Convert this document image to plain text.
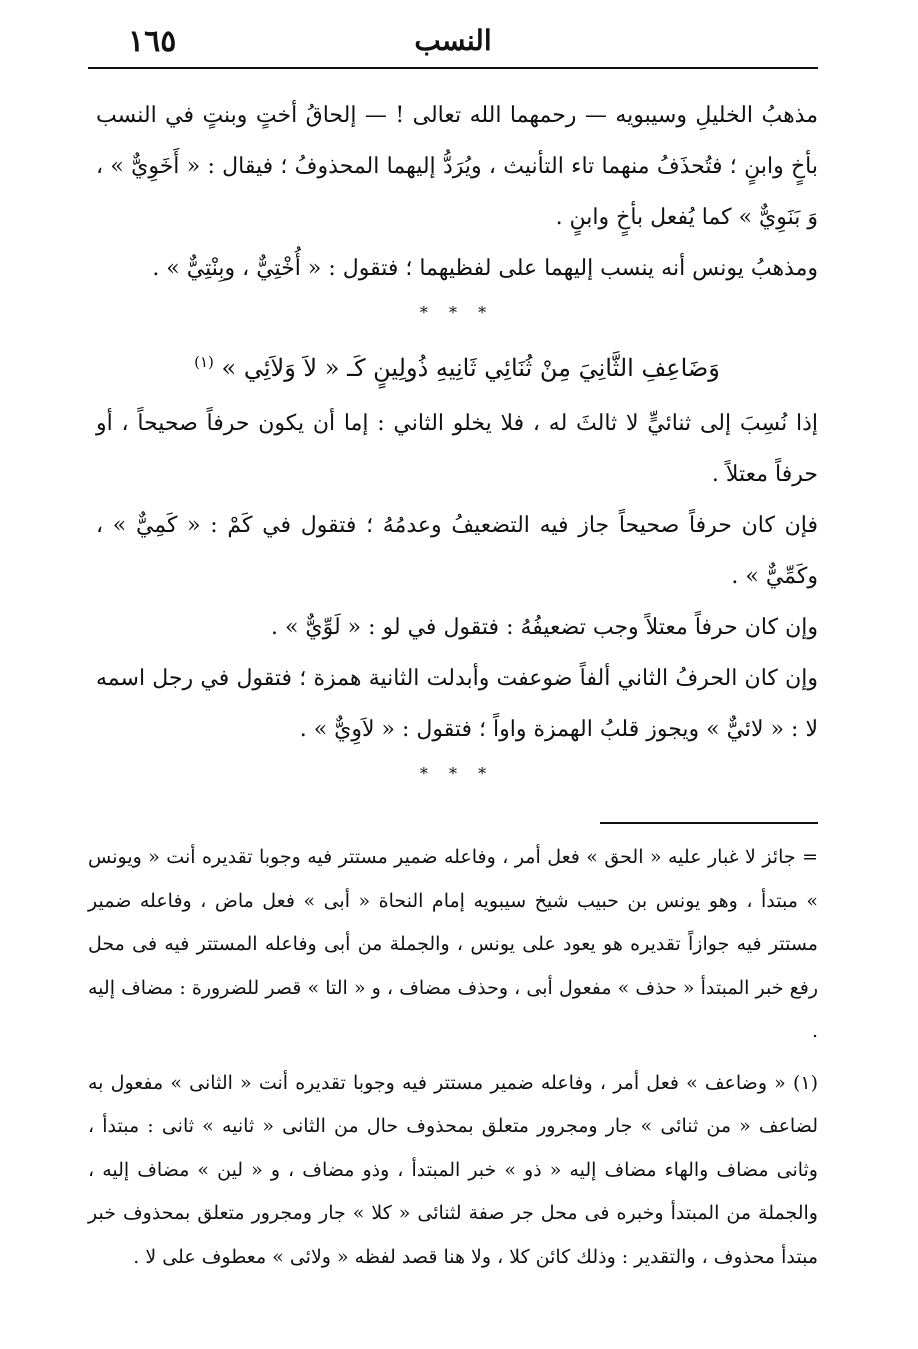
١٦٥	النسب

مذهبُ الخليلِ وسيبويه — رحمهما الله تعالى ! — إلحاقُ أختٍ وبنتٍ في النسب بأخٍ وابنٍ ؛ فتُحذَفُ منهما تاء التأنيث ، ويُرَدُّ إليهما المحذوفُ ؛ فيقال : « أَخَوِيٌّ » ، وَ بَنَوِيٌّ » كما يُفعل بأخٍ وابنٍ .

ومذهبُ يونس أنه ينسب إليهما على لفظيهما ؛ فتقول : « أُخْتِيٌّ ، وبِنْتِيٌّ » .

* * *

وَضَاعِفِ الثَّانِيَ مِنْ ثُنَائِي ثَانِيهِ ذُولِينٍ كَـ « لاَ وَلاَئِي » $^{(١)}$

إذا نُسِبَ إلى ثنائيٍّ لا ثالثَ له ، فلا يخلو الثاني : إما أن يكون حرفاً صحيحاً ، أو حرفاً معتلاً .

فإن كان حرفاً صحيحاً جاز فيه التضعيفُ وعدمُهُ ؛ فتقول في كَمْ : « كَمِيٌّ » ، وكَمِّيٌّ » .

وإن كان حرفاً معتلاً وجب تضعيفُهُ : فتقول في لو : « لَوِّيٌّ » .

وإن كان الحرفُ الثاني ألفاً ضوعفت وأبدلت الثانية همزة ؛ فتقول في رجل اسمه لا : « لائيٌّ » ويجوز قلبُ الهمزة واواً ؛ فتقول : « لاَوِيٌّ » .

* * *

= جائز لا غبار عليه « الحق » فعل أمر ، وفاعله ضمير مستتر فيه وجوبا تقديره أنت « ويونس » مبتدأ ، وهو يونس بن حبيب شيخ سيبويه إمام النحاة « أبى » فعل ماض ، وفاعله ضمير مستتر فيه جوازاً تقديره هو يعود على يونس ، والجملة من أبى وفاعله المستتر فيه فى محل رفع خبر المبتدأ « حذف » مفعول أبى ، وحذف مضاف ، و « التا » قصر للضرورة : مضاف إليه .

(١) « وضاعف » فعل أمر ، وفاعله ضمير مستتر فيه وجوبا تقديره أنت « الثانى » مفعول به لضاعف « من ثنائى » جار ومجرور متعلق بمحذوف حال من الثانى « ثانيه » ثانى : مبتدأ ، وثانى مضاف والهاء مضاف إليه « ذو » خبر المبتدأ ، وذو مضاف ، و « لين » مضاف إليه ، والجملة من المبتدأ وخبره فى محل جر صفة لثنائى « كلا » جار ومجرور متعلق بمحذوف خبر مبتدأ محذوف ، والتقدير : وذلك كائن كلا ، ولا هنا قصد لفظه « ولائى » معطوف على لا .
